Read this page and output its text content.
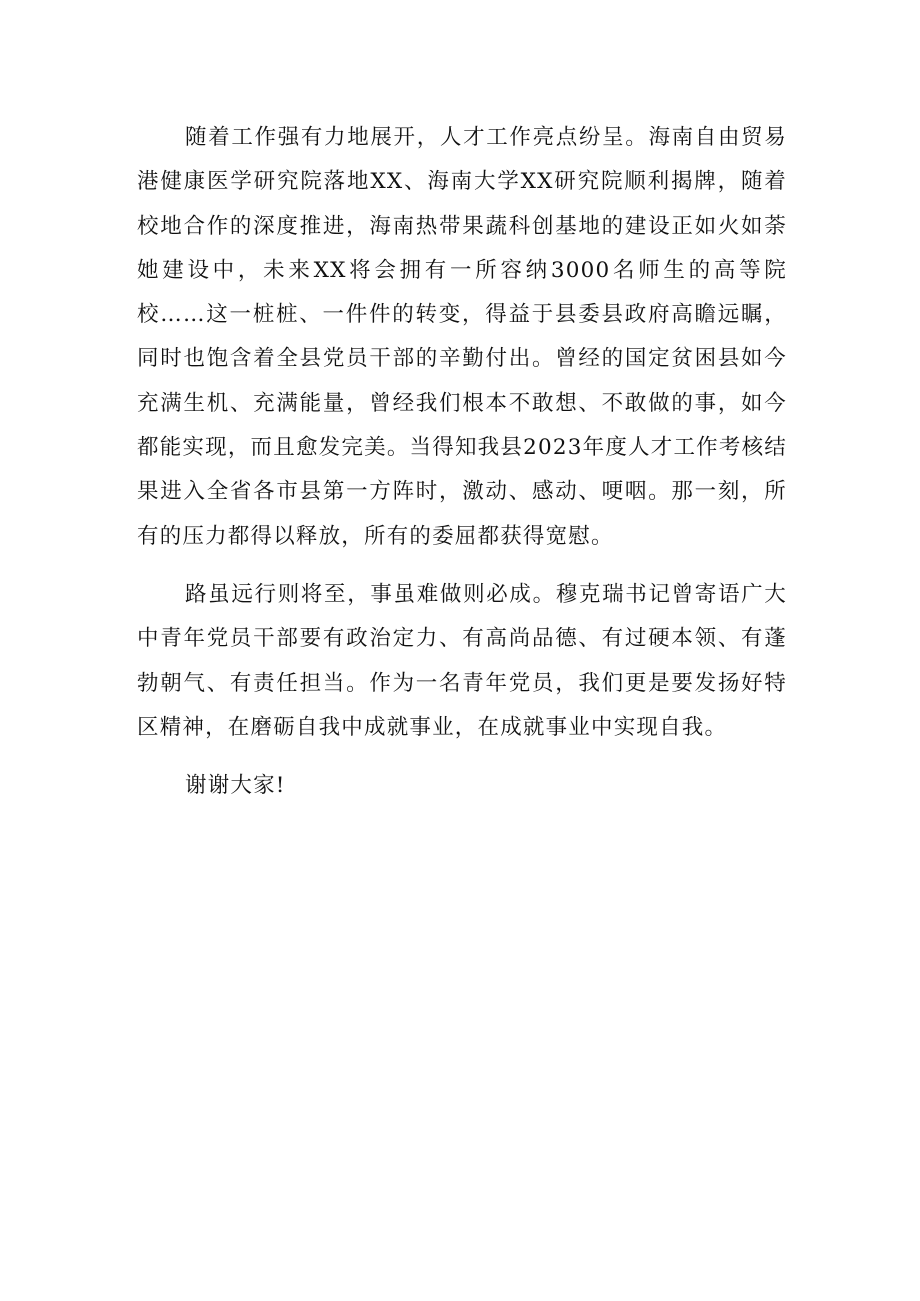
随着工作强有力地展开，人才工作亮点纷呈。海南自由贸易港健康医学研究院落地XX、海南大学XX研究院顺利揭牌，随着校地合作的深度推进，海南热带果蔬科创基地的建设正如火如荼她建设中，未来XX将会拥有一所容纳3000名师生的高等院校……这一桩桩、一件件的转变，得益于县委县政府高瞻远瞩，同时也饱含着全县党员干部的辛勤付出。曾经的国定贫困县如今充满生机、充满能量，曾经我们根本不敢想、不敢做的事，如今都能实现，而且愈发完美。当得知我县2023年度人才工作考核结果进入全省各市县第一方阵时，激动、感动、哽咽。那一刻，所有的压力都得以释放，所有的委屈都获得宽慰。

路虽远行则将至，事虽难做则必成。穆克瑞书记曾寄语广大中青年党员干部要有政治定力、有高尚品德、有过硬本领、有蓬勃朝气、有责任担当。作为一名青年党员，我们更是要发扬好特区精神，在磨砺自我中成就事业，在成就事业中实现自我。

谢谢大家!
